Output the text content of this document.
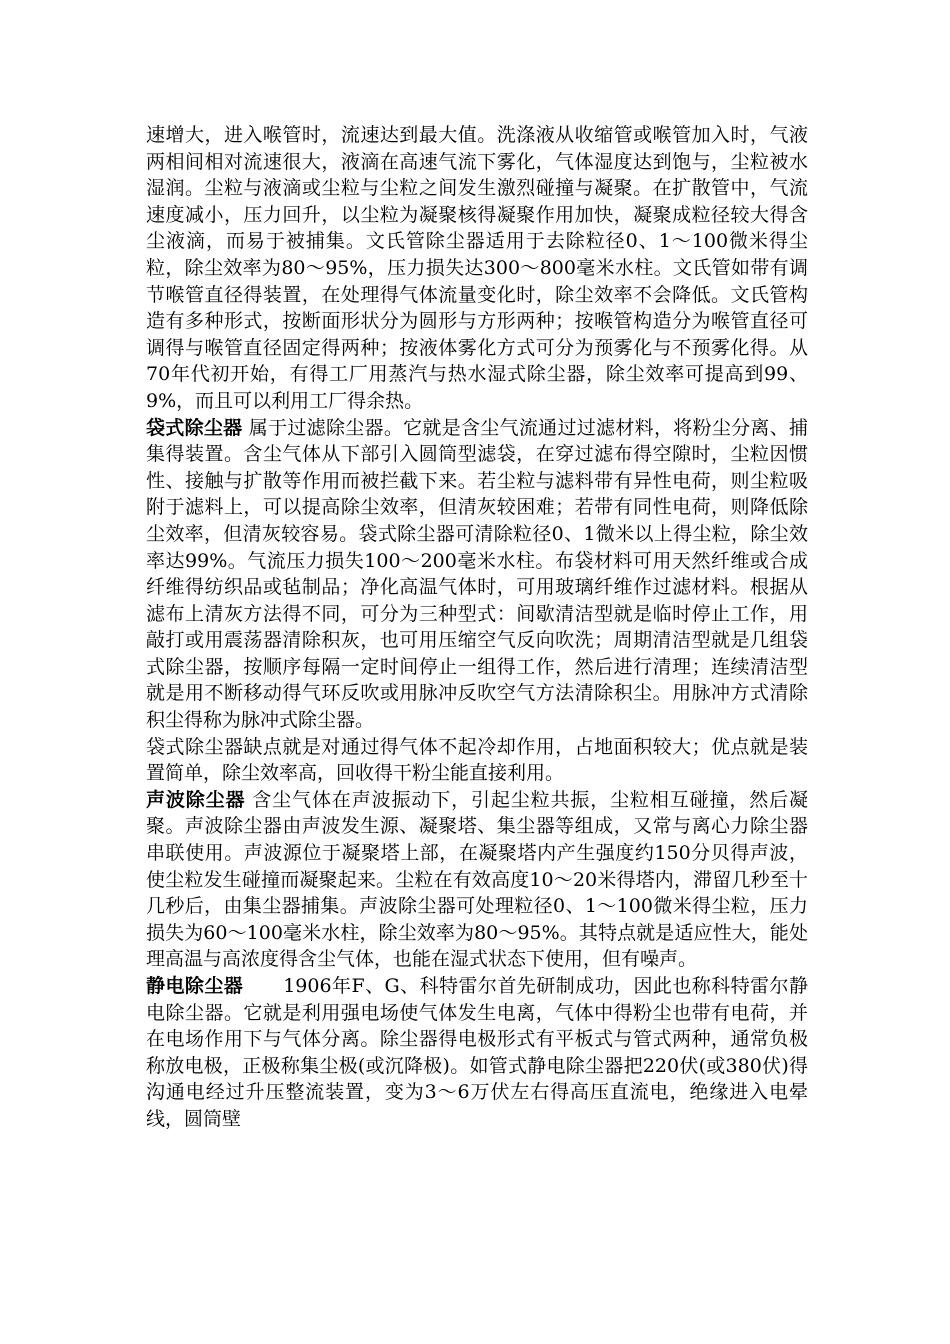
速增大，进入喉管时，流速达到最大值。洗涤液从收缩管或喉管加入时，气液两相间相对流速很大，液滴在高速气流下雾化，气体湿度达到饱与，尘粒被水湿润。尘粒与液滴或尘粒与尘粒之间发生激烈碰撞与凝聚。在扩散管中，气流速度减小，压力回升，以尘粒为凝聚核得凝聚作用加快，凝聚成粒径较大得含尘液滴，而易于被捕集。文氏管除尘器适用于去除粒径0、1～100微米得尘粒，除尘效率为80～95%，压力损失达300～800毫米水柱。文氏管如带有调节喉管直径得装置，在处理得气体流量变化时，除尘效率不会降低。文氏管构造有多种形式，按断面形状分为圆形与方形两种；按喉管构造分为喉管直径可调得与喉管直径固定得两种；按液体雾化方式可分为预雾化与不预雾化得。从70年代初开始，有得工厂用蒸汽与热水湿式除尘器，除尘效率可提高到99、9%，而且可以利用工厂得余热。

袋式除尘器 属于过滤除尘器。它就是含尘气流通过过滤材料，将粉尘分离、捕集得装置。含尘气体从下部引入圆筒型滤袋，在穿过滤布得空隙时，尘粒因惯性、接触与扩散等作用而被拦截下来。若尘粒与滤料带有异性电荷，则尘粒吸附于滤料上，可以提高除尘效率，但清灰较困难；若带有同性电荷，则降低除尘效率，但清灰较容易。袋式除尘器可清除粒径0、1微米以上得尘粒，除尘效率达99%。气流压力损失100～200毫米水柱。布袋材料可用天然纤维或合成纤维得纺织品或毡制品；净化高温气体时，可用玻璃纤维作过滤材料。根据从滤布上清灰方法得不同，可分为三种型式：间歇清洁型就是临时停止工作，用敲打或用震荡器清除积灰，也可用压缩空气反向吹洗；周期清洁型就是几组袋式除尘器，按顺序每隔一定时间停止一组得工作，然后进行清理；连续清洁型就是用不断移动得气环反吹或用脉冲反吹空气方法清除积尘。用脉冲方式清除积尘得称为脉冲式除尘器。

袋式除尘器缺点就是对通过得气体不起冷却作用，占地面积较大；优点就是装置简单，除尘效率高，回收得干粉尘能直接利用。

声波除尘器 含尘气体在声波振动下，引起尘粒共振，尘粒相互碰撞，然后凝聚。声波除尘器由声波发生源、凝聚塔、集尘器等组成，又常与离心力除尘器串联使用。声波源位于凝聚塔上部，在凝聚塔内产生强度约150分贝得声波，使尘粒发生碰撞而凝聚起来。尘粒在有效高度10～20米得塔内，滞留几秒至十几秒后，由集尘器捕集。声波除尘器可处理粒径0、1～100微米得尘粒，压力损失为60～100毫米水柱，除尘效率为80～95%。其特点就是适应性大，能处理高温与高浓度得含尘气体，也能在湿式状态下使用，但有噪声。

静电除尘器 1906年F、G、科特雷尔首先研制成功，因此也称科特雷尔静电除尘器。它就是利用强电场使气体发生电离，气体中得粉尘也带有电荷，并在电场作用下与气体分离。除尘器得电极形式有平板式与管式两种，通常负极称放电极，正极称集尘极(或沉降极)。如管式静电除尘器把220伏(或380伏)得沟通电经过升压整流装置，变为3～6万伏左右得高压直流电，绝缘进入电晕线，圆筒壁
